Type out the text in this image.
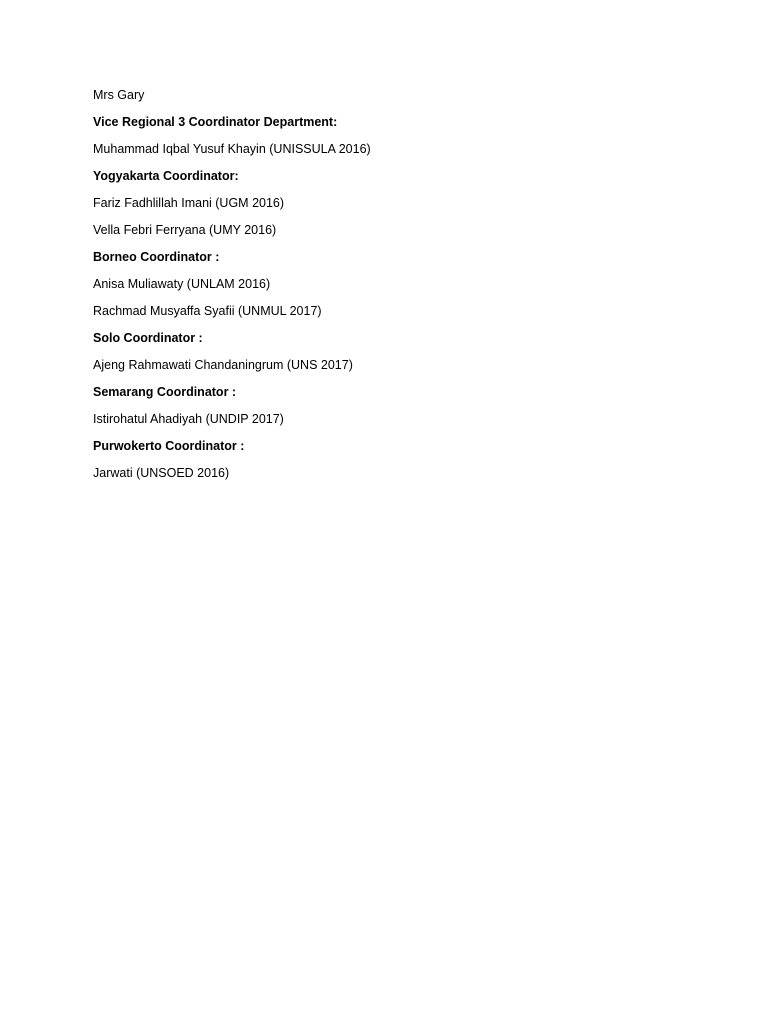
Mrs Gary
Vice Regional 3 Coordinator Department:
Muhammad Iqbal Yusuf Khayin (UNISSULA 2016)
Yogyakarta Coordinator:
Fariz Fadhlillah Imani (UGM 2016)
Vella Febri Ferryana (UMY 2016)
Borneo Coordinator :
Anisa Muliawaty (UNLAM 2016)
Rachmad Musyaffa Syafii (UNMUL 2017)
Solo Coordinator :
Ajeng Rahmawati Chandaningrum (UNS 2017)
Semarang Coordinator :
Istirohatul Ahadiyah (UNDIP 2017)
Purwokerto Coordinator :
Jarwati (UNSOED 2016)
